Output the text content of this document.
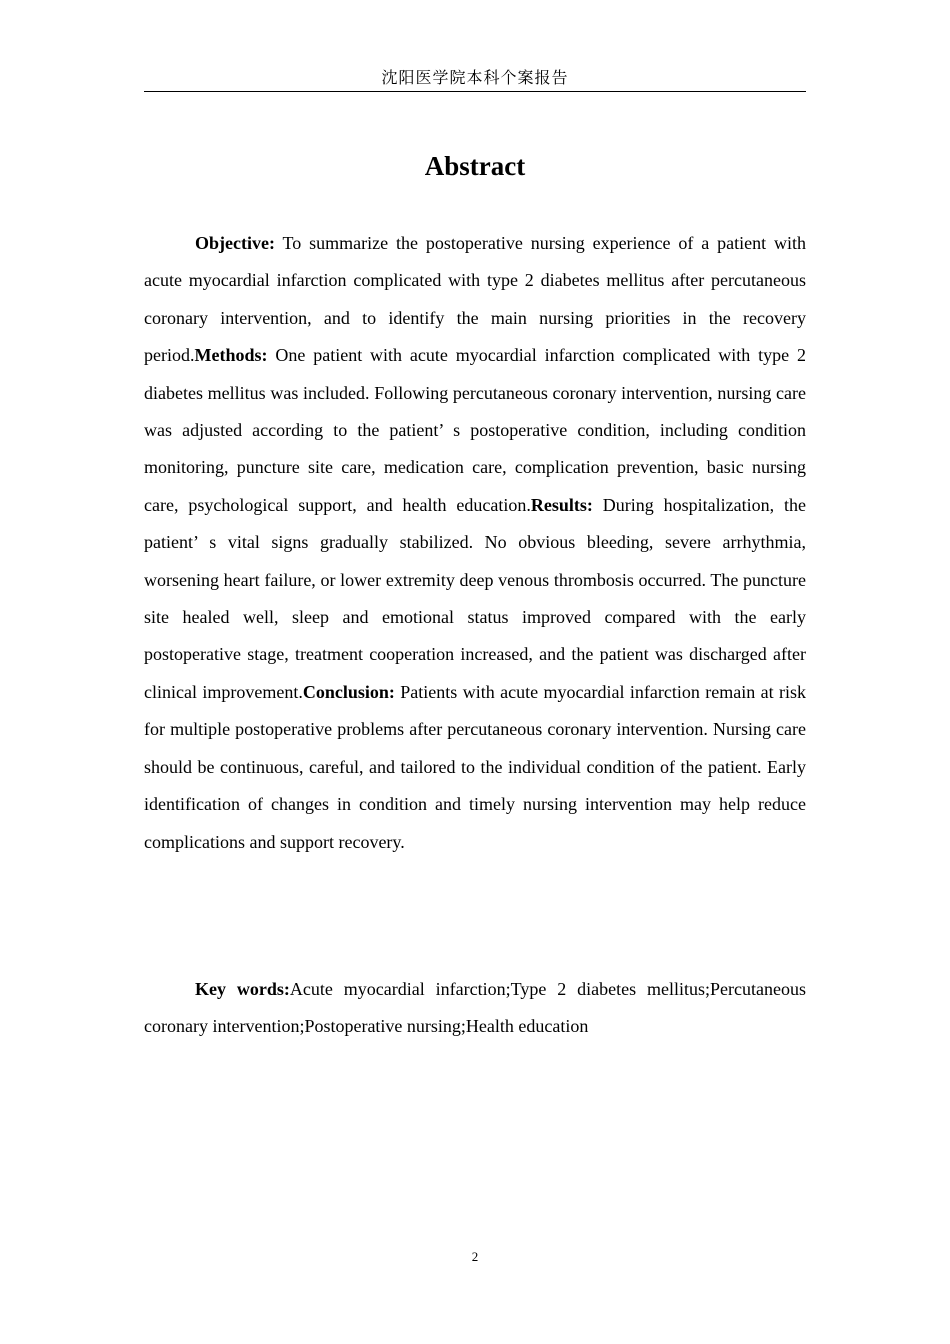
沈阳医学院本科个案报告
Abstract

Objective: To summarize the postoperative nursing experience of a patient with acute myocardial infarction complicated with type 2 diabetes mellitus after percutaneous coronary intervention, and to identify the main nursing priorities in the recovery period.Methods: One patient with acute myocardial infarction complicated with type 2 diabetes mellitus was included. Following percutaneous coronary intervention, nursing care was adjusted according to the patient’ s postoperative condition, including condition monitoring, puncture site care, medication care, complication prevention, basic nursing care, psychological support, and health education.Results: During hospitalization, the patient’ s vital signs gradually stabilized. No obvious bleeding, severe arrhythmia, worsening heart failure, or lower extremity deep venous thrombosis occurred. The puncture site healed well, sleep and emotional status improved compared with the early postoperative stage, treatment cooperation increased, and the patient was discharged after clinical improvement.Conclusion: Patients with acute myocardial infarction remain at risk for multiple postoperative problems after percutaneous coronary intervention. Nursing care should be continuous, careful, and tailored to the individual condition of the patient. Early identification of changes in condition and timely nursing intervention may help reduce complications and support recovery.

Key words:Acute myocardial infarction;Type 2 diabetes mellitus;Percutaneous coronary intervention;Postoperative nursing;Health education

2
